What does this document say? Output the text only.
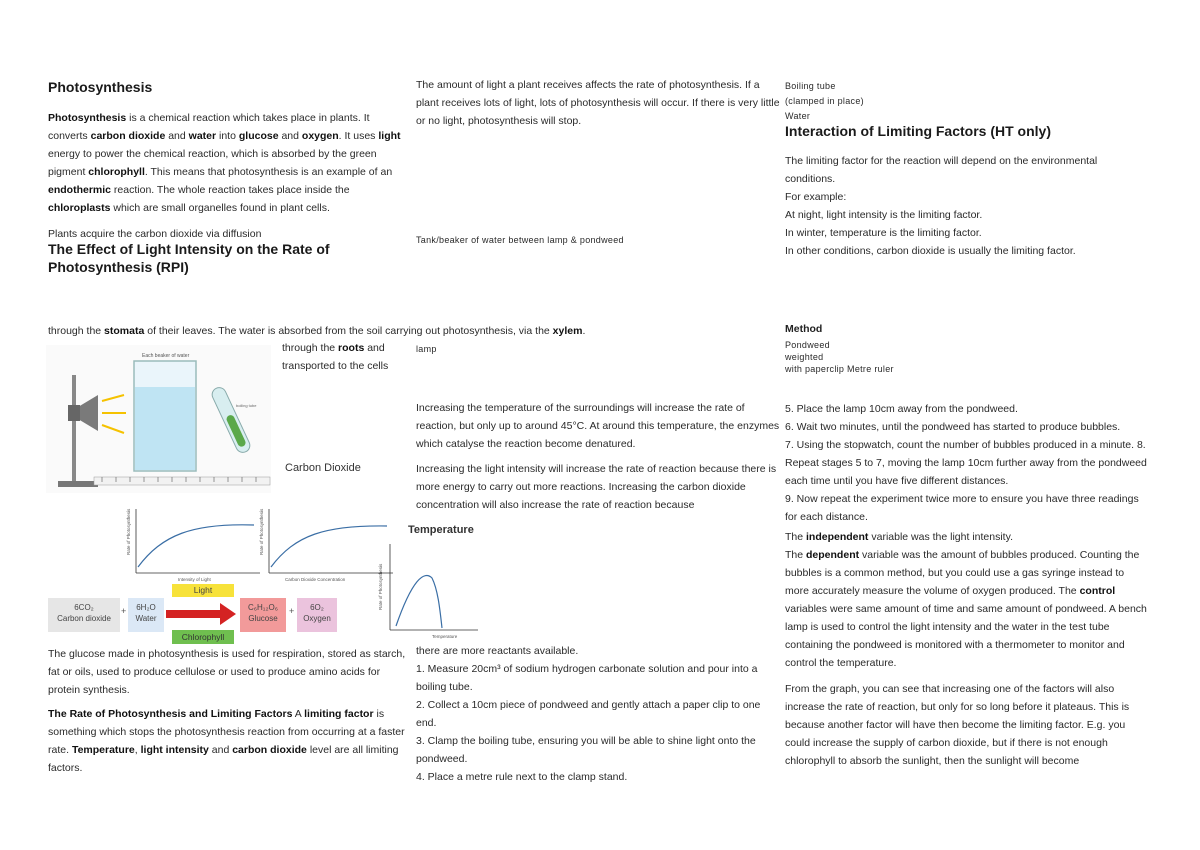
Photosynthesis
Photosynthesis is a chemical reaction which takes place in plants. It converts carbon dioxide and water into glucose and oxygen. It uses light energy to power the chemical reaction, which is absorbed by the green pigment chlorophyll. This means that photosynthesis is an example of an endothermic reaction. The whole reaction takes place inside the chloroplasts which are small organelles found in plant cells.
Plants acquire the carbon dioxide via diffusion
The Effect of Light Intensity on the Rate of Photosynthesis (RPI)
through the stomata of their leaves. The water is absorbed from the soil carrying out photosynthesis, via the xylem.
through the roots and
transported to the cells
Each beaker of water
boiling tube
Carbon Dioxide
Rate of Photosynthesis
Intensity of Light
Rate of Photosynthesis
Carbon Dioxide Concentration
Temperature
Rate of Photosynthesis
Temperature
6CO₂
Carbon dioxide
+	6H₂O
Water
Light
Chlorophyll
C₆H₁₂O₆
Glucose
+	6O₂
Oxygen
The glucose made in photosynthesis is used for respiration, stored as starch, fat or oils, used to produce cellulose or used to produce amino acids for protein synthesis.
The Rate of Photosynthesis and Limiting Factors A limiting factor is something which stops the photosynthesis reaction from occurring at a faster rate. Temperature, light intensity and carbon dioxide level are all limiting factors.
The amount of light a plant receives affects the rate of photosynthesis. If a plant receives lots of light, lots of photosynthesis will occur. If there is very little or no light, photosynthesis will stop.
Tank/beaker of water between lamp & pondweed
lamp
Increasing the temperature of the surroundings will increase the rate of reaction, but only up to around 45°C. At around this temperature, the enzymes which catalyse the reaction become denatured.
Increasing the light intensity will increase the rate of reaction because there is more energy to carry out more reactions. Increasing the carbon dioxide concentration will also increase the rate of reaction because
there are more reactants available.
1. Measure 20cm³ of sodium hydrogen carbonate solution and pour into a boiling tube.
2. Collect a 10cm piece of pondweed and gently attach a paper clip to one end.
3. Clamp the boiling tube, ensuring you will be able to shine light onto the pondweed.
4. Place a metre rule next to the clamp stand.
Boiling tube
(clamped in place)
Water
Interaction of Limiting Factors (HT only)
The limiting factor for the reaction will depend on the environmental conditions.
For example:
At night, light intensity is the limiting factor.
In winter, temperature is the limiting factor.
In other conditions, carbon dioxide is usually the limiting factor.
Method
Pondweed
weighted
with paperclip Metre ruler
5. Place the lamp 10cm away from the pondweed.
6. Wait two minutes, until the pondweed has started to produce bubbles.
7. Using the stopwatch, count the number of bubbles produced in a minute. 8. Repeat stages 5 to 7, moving the lamp 10cm further away from the pondweed each time until you have five different distances.
9. Now repeat the experiment twice more to ensure you have three readings for each distance.
The independent variable was the light intensity.
The dependent variable was the amount of bubbles produced. Counting the bubbles is a common method, but you could use a gas syringe instead to more accurately measure the volume of oxygen produced. The control variables were same amount of time and same amount of pondweed. A bench lamp is used to control the light intensity and the water in the test tube containing the pondweed is monitored with a thermometer to monitor and control the temperature.
From the graph, you can see that increasing one of the factors will also increase the rate of reaction, but only for so long before it plateaus. This is because another factor will have then become the limiting factor. E.g. you could increase the supply of carbon dioxide, but if there is not enough chlorophyll to absorb the sunlight, then the sunlight will become
